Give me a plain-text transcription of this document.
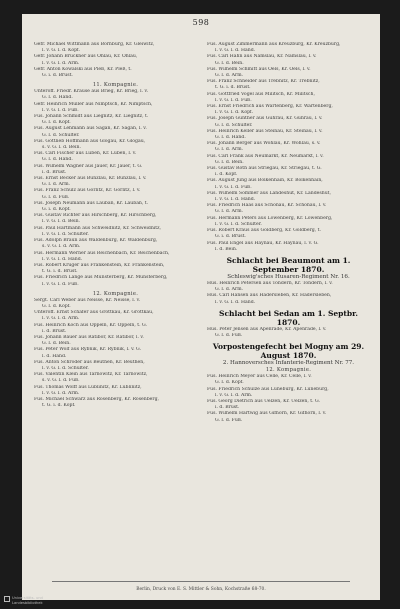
598
Gefr. Michael Wittmann aus Bornburg, Kr. Gleiwitz,
l. v. G. l. d. Kopf.
Gefr. Johann Brückner aus Ohlau, Kr. Ohlau,
l. v. G. l. d. Arm.
Gefr. Anton Kowalski aus Pleß, Kr. Pleß, t.
G. i. d. Brust.
11. Kompagnie.
Unteroff. Friedr. Krause aus Brieg, Kr. Brieg, l. v.
G. l. d. Hand.
Gefr. Heinrich Müller aus Nimptsch, Kr. Nimptsch,
l. v. G. l. d. Fuß.
Füs. Johann Schmidt aus Liegnitz, Kr. Liegnitz, t.
G. l. d. Kopf.
Füs. August Lehmann aus Sagan, Kr. Sagan, l. v.
G. l. d. Schulter.
Füs. Gottlieb Hoffmann aus Glogau, Kr. Glogau,
s. v. G. l. d. Bein.
Füs. Carl Fischer aus Lüben, Kr. Lüben, l. v.
G. l. d. Hand.
Füs. Wilhelm Wagner aus Jauer, Kr. Jauer, t. G.
i. d. Brust.
Füs. Ernst Becker aus Bunzlau, Kr. Bunzlau, l. v.
G. l. d. Arm.
Füs. Franz Schulz aus Görlitz, Kr. Görlitz, l. v.
G. l. d. Fuß.
Füs. Joseph Neumann aus Lauban, Kr. Lauban, t.
G. i. d. Kopf.
Füs. Gustav Richter aus Hirschberg, Kr. Hirschberg,
l. v. G. l. d. Bein.
Füs. Paul Hartmann aus Schweidnitz, Kr. Schweidnitz,
l. v. G. l. d. Schulter.
Füs. Adolph Braun aus Waldenburg, Kr. Waldenburg,
s. v. G. l. d. Arm.
Füs. Hermann Werner aus Reichenbach, Kr. Reichenbach,
l. v. G. l. d. Hand.
Füs. Robert Krüger aus Frankenstein, Kr. Frankenstein,
t. G. i. d. Brust.
Füs. Friedrich Lange aus Münsterberg, Kr. Münsterberg,
l. v. G. l. d. Fuß.
12. Kompagnie.
Sergt. Carl Weber aus Neisse, Kr. Neisse, l. v.
G. l. d. Kopf.
Unteroff. Ernst Schäfer aus Grottkau, Kr. Grottkau,
l. v. G. l. d. Arm.
Füs. Heinrich Koch aus Oppeln, Kr. Oppeln, t. G.
i. d. Brust.
Füs. Johann Bauer aus Ratibor, Kr. Ratibor, l. v.
G. l. d. Bein.
Füs. Peter Wolf aus Rybnik, Kr. Rybnik, l. v. G.
l. d. Hand.
Füs. Anton Schröder aus Beuthen, Kr. Beuthen,
l. v. G. l. d. Schulter.
Füs. Valentin Klein aus Tarnowitz, Kr. Tarnowitz,
s. v. G. l. d. Fuß.
Füs. Thomas Wolff aus Lublinitz, Kr. Lublinitz,
l. v. G. l. d. Arm.
Füs. Michael Schwarz aus Rosenberg, Kr. Rosenberg,
t. G. i. d. Kopf.
Füs. August Zimmermann aus Kreuzburg, Kr. Kreuzburg,
l. v. G. l. d. Hand.
Füs. Carl Hahn aus Namslau, Kr. Namslau, l. v.
G. l. d. Bein.
Füs. Wilhelm Schmitt aus Oels, Kr. Oels, l. v.
G. l. d. Arm.
Füs. Franz Schneider aus Trebnitz, Kr. Trebnitz,
t. G. i. d. Brust.
Füs. Gottfried Vogel aus Militsch, Kr. Militsch,
l. v. G. l. d. Fuß.
Füs. Ernst Friedrich aus Wartenberg, Kr. Wartenberg,
l. v. G. l. d. Kopf.
Füs. Joseph Günther aus Guhrau, Kr. Guhrau, l. v.
G. l. d. Schulter.
Füs. Heinrich Keller aus Steinau, Kr. Steinau, l. v.
G. l. d. Hand.
Füs. Johann Berger aus Wohlau, Kr. Wohlau, s. v.
G. l. d. Arm.
Füs. Carl Frank aus Neumarkt, Kr. Neumarkt, l. v.
G. l. d. Bein.
Füs. Gustav Roth aus Striegau, Kr. Striegau, t. G.
i. d. Kopf.
Füs. August Jung aus Bolkenhain, Kr. Bolkenhain,
l. v. G. l. d. Fuß.
Füs. Wilhelm Sommer aus Landeshut, Kr. Landeshut,
l. v. G. l. d. Hand.
Füs. Friedrich Haas aus Schönau, Kr. Schönau, l. v.
G. l. d. Arm.
Füs. Hermann Peters aus Löwenberg, Kr. Löwenberg,
l. v. G. l. d. Schulter.
Füs. Robert Kraus aus Goldberg, Kr. Goldberg, t.
G. i. d. Brust.
Füs. Paul Engel aus Haynau, Kr. Haynau, l. v. G.
l. d. Bein.
Schlacht bei Beaumont am 1. September 1870.
Schleswig'sches Husaren-Regiment Nr. 16.
Hus. Heinrich Petersen aus Tondern, Kr. Tondern, l. v.
G. l. d. Arm.
Hus. Carl Hansen aus Hadersleben, Kr. Hadersleben,
l. v. G. l. d. Hand.
Schlacht bei Sedan am 1. Septbr. 1870.
Hus. Peter Jensen aus Apenrade, Kr. Apenrade, l. v.
G. l. d. Fuß.
Vorpostengefecht bei Mogny am 29. August 1870.
2. Hannoversches Infanterie-Regiment Nr. 77.
12. Kompagnie.
Füs. Heinrich Meyer aus Celle, Kr. Celle, l. v.
G. l. d. Kopf.
Füs. Friedrich Schulze aus Lüneburg, Kr. Lüneburg,
l. v. G. l. d. Arm.
Füs. Georg Dietrich aus Uelzen, Kr. Uelzen, t. G.
i. d. Brust.
Füs. Wilhelm Hartwig aus Gifhorn, Kr. Gifhorn, l. v.
G. l. d. Fuß.
Berlin, Druck von E. S. Mittler & Sohn, Kochstraße 68-70.
Universitäts- und
Landesbibliothek
